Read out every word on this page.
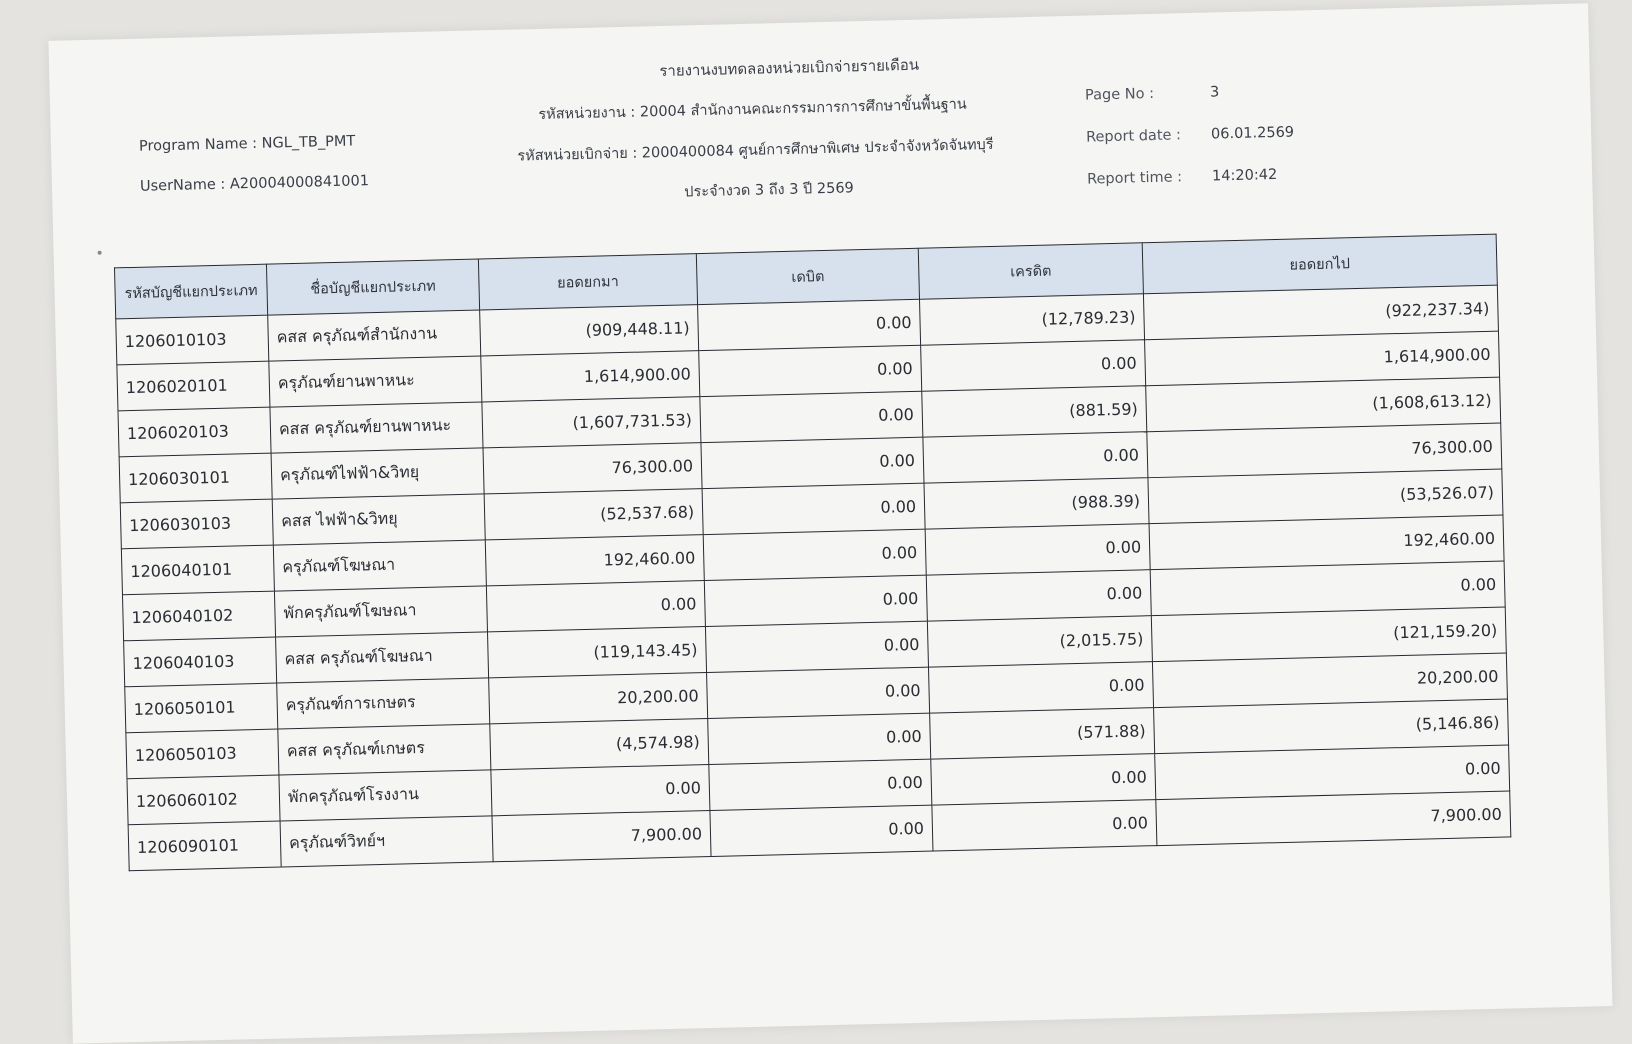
รายงานงบทดลองหน่วยเบิกจ่ายรายเดือน
Program Name : NGL_TB_PMT
UserName : A20004000841001
รหัสหน่วยงาน : 20004 สำนักงานคณะกรรมการการศึกษาขั้นพื้นฐาน
รหัสหน่วยเบิกจ่าย : 2000400084 ศูนย์การศึกษาพิเศษ ประจำจังหวัดจันทบุรี
ประจำงวด 3 ถึง 3 ปี 2569
Page No :	3
Report date : 06.01.2569
Report time : 14:20:42
รหัสบัญชีแยกประเภท	ชื่อบัญชีแยกประเภท	ยอดยกมา	เดบิต	เครดิต	ยอดยกไป
1206010103	คสส ครุภัณฑ์สำนักงาน	(909,448.11)	0.00	(12,789.23)	(922,237.34)
1206020101	ครุภัณฑ์ยานพาหนะ	1,614,900.00	0.00	0.00	1,614,900.00
1206020103	คสส ครุภัณฑ์ยานพาหนะ	(1,607,731.53)	0.00	(881.59)	(1,608,613.12)
1206030101	ครุภัณฑ์ไฟฟ้า&วิทยุ	76,300.00	0.00	0.00	76,300.00
1206030103	คสส ไฟฟ้า&วิทยุ	(52,537.68)	0.00	(988.39)	(53,526.07)
1206040101	ครุภัณฑ์โฆษณา	192,460.00	0.00	0.00	192,460.00
1206040102	พักครุภัณฑ์โฆษณา	0.00	0.00	0.00	0.00
1206040103	คสส ครุภัณฑ์โฆษณา	(119,143.45)	0.00	(2,015.75)	(121,159.20)
1206050101	ครุภัณฑ์การเกษตร	20,200.00	0.00	0.00	20,200.00
1206050103	คสส ครุภัณฑ์เกษตร	(4,574.98)	0.00	(571.88)	(5,146.86)
1206060102	พักครุภัณฑ์โรงงาน	0.00	0.00	0.00	0.00
1206090101	ครุภัณฑ์วิทย์ฯ	7,900.00	0.00	0.00	7,900.00
